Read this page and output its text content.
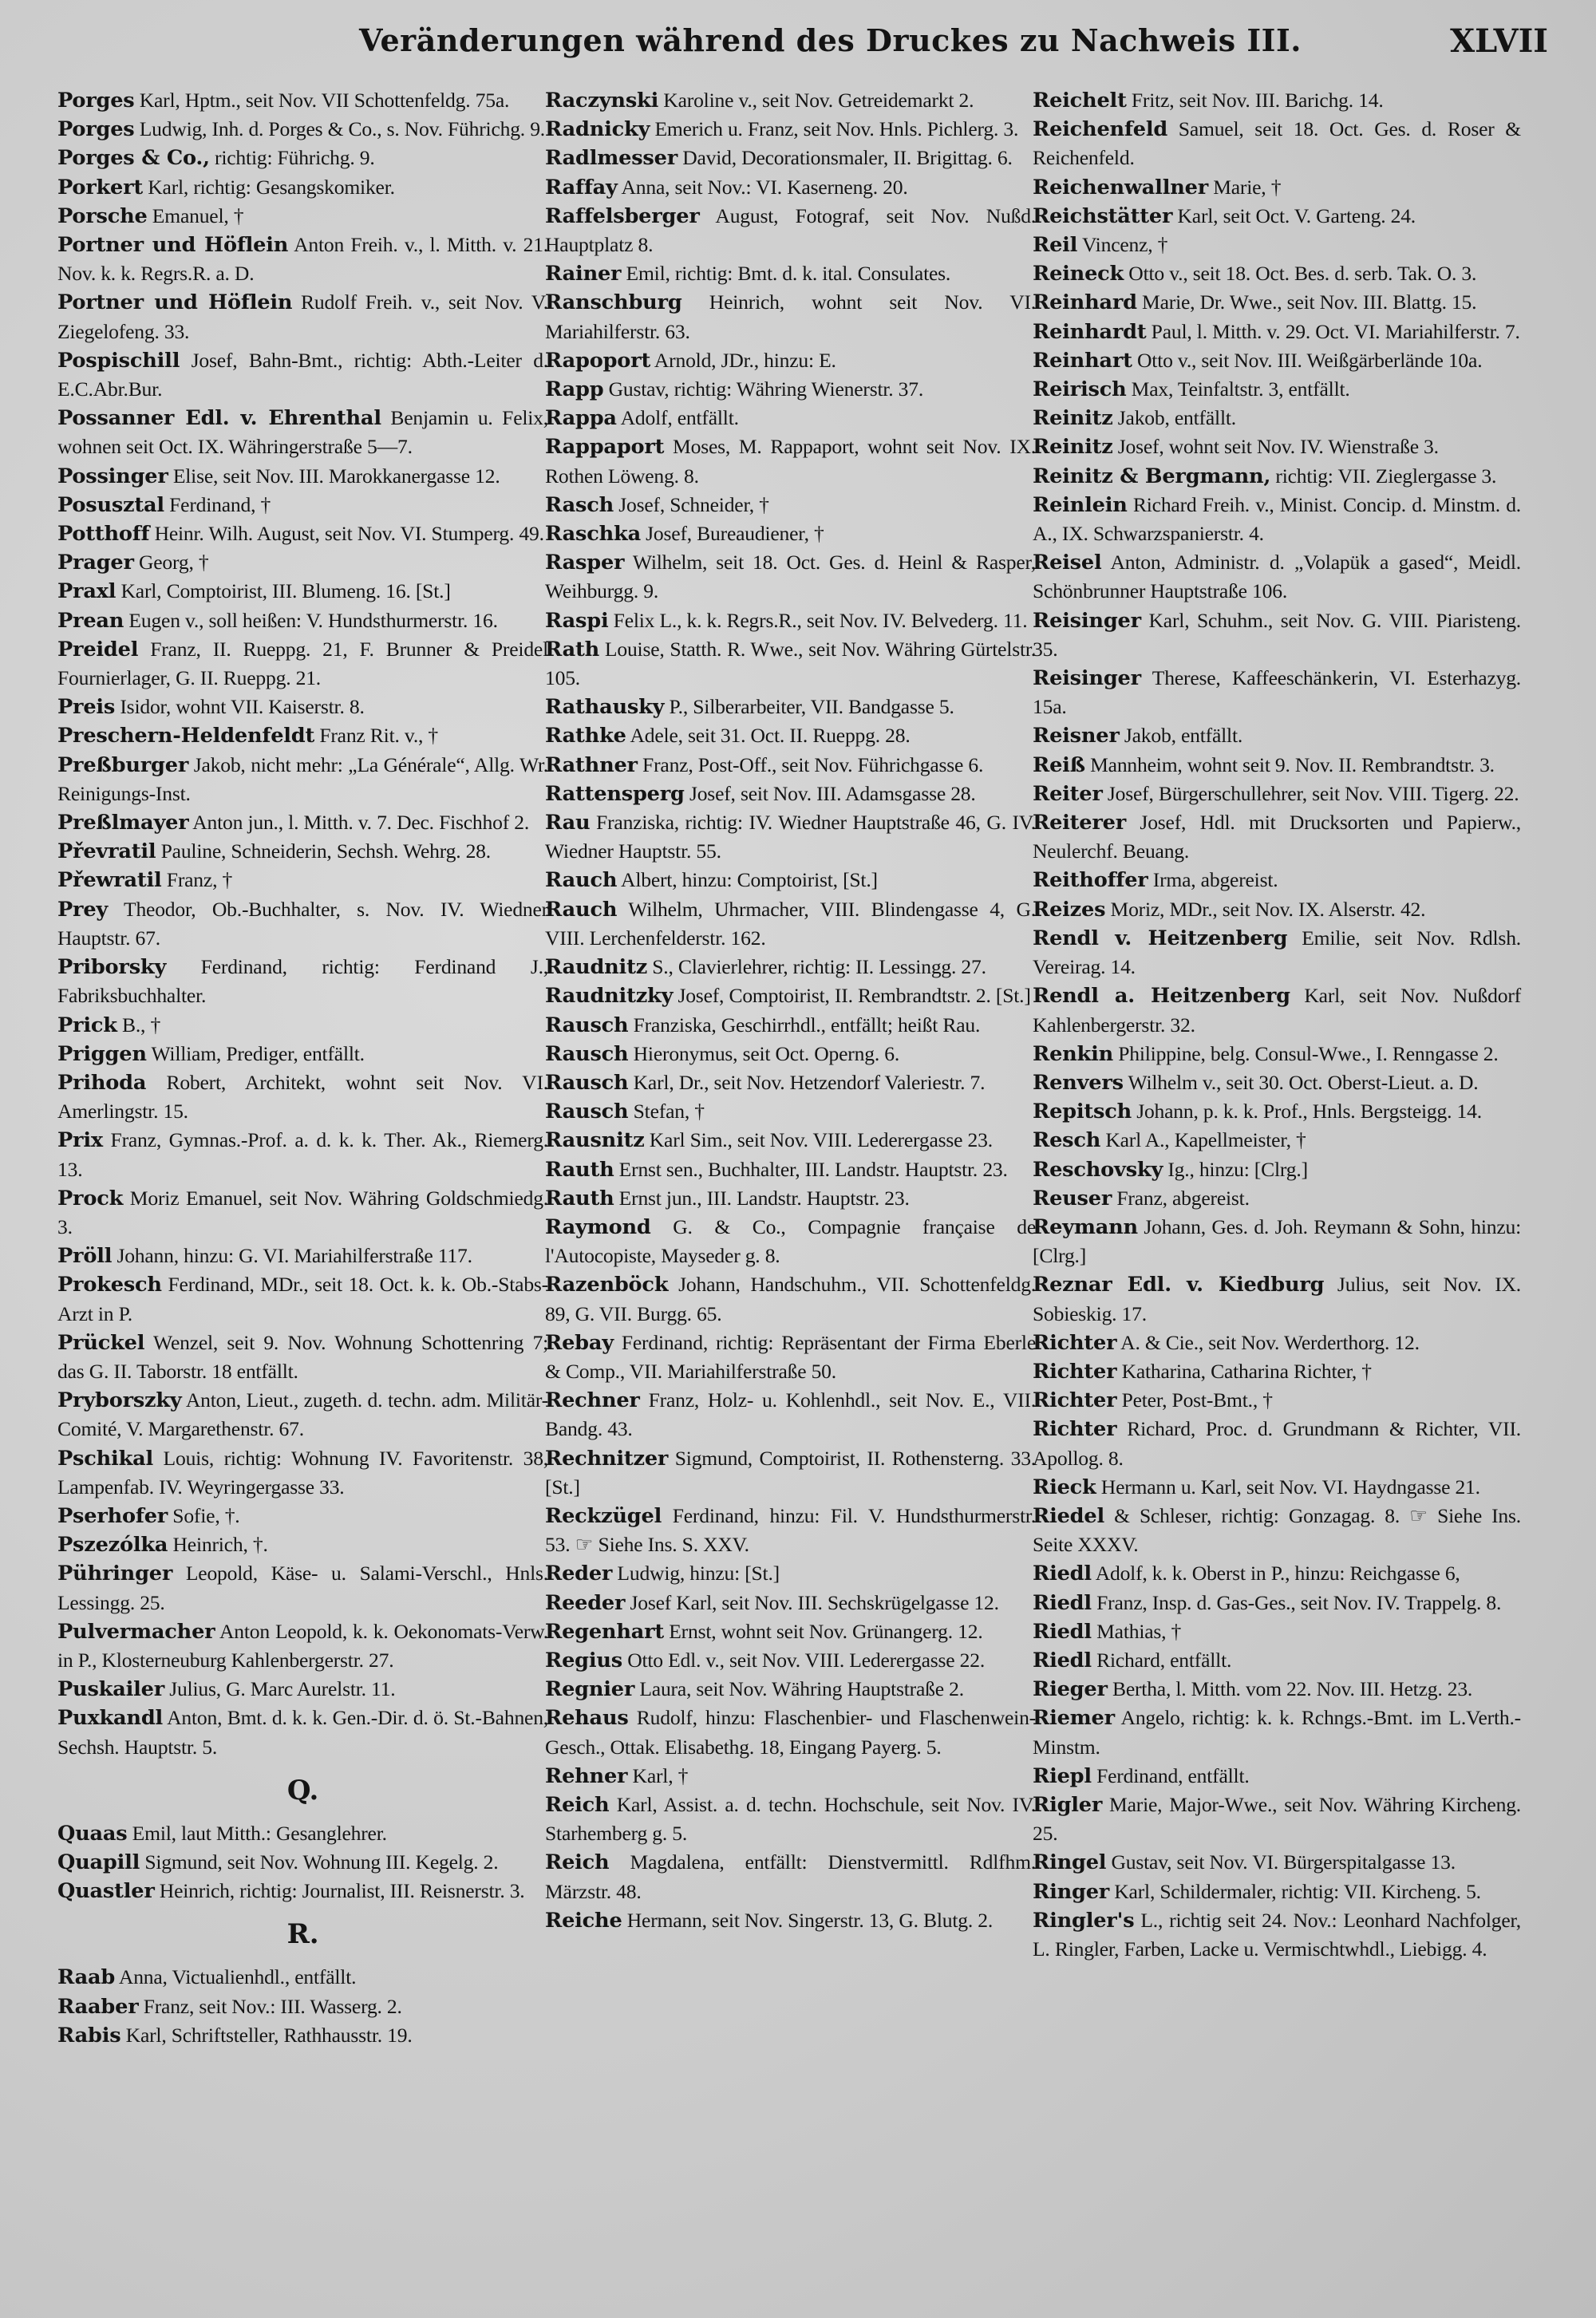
Veränderungen während des Druckes zu Nachweis III.	XLVII

Porges Karl, Hptm., seit Nov. VII Schottenfeldg. 75a.

Porges Ludwig, Inh. d. Porges & Co., s. Nov. Führichg. 9.

Porges & Co., richtig: Führichg. 9.

Porkert Karl, richtig: Gesangskomiker.

Porsche Emanuel, †

Portner und Höflein Anton Freih. v., l. Mitth. v. 21. Nov. k. k. Regrs.R. a. D.

Portner und Höflein Rudolf Freih. v., seit Nov. V. Ziegelofeng. 33.

Pospischill Josef, Bahn-Bmt., richtig: Abth.-Leiter d. E.C.Abr.Bur.

Possanner Edl. v. Ehrenthal Benjamin u. Felix, wohnen seit Oct. IX. Währingerstraße 5—7.

Possinger Elise, seit Nov. III. Marokkanergasse 12.

Posusztal Ferdinand, †

Potthoff Heinr. Wilh. August, seit Nov. VI. Stumperg. 49.

Prager Georg, †

Praxl Karl, Comptoirist, III. Blumeng. 16. [St.]

Prean Eugen v., soll heißen: V. Hundsthurmerstr. 16.

Preidel Franz, II. Rueppg. 21, F. Brunner & Preidel Fournierlager, G. II. Rueppg. 21.

Preis Isidor, wohnt VII. Kaiserstr. 8.

Preschern-Heldenfeldt Franz Rit. v., †

Preßburger Jakob, nicht mehr: „La Générale“, Allg. Wr. Reinigungs-Inst.

Preßlmayer Anton jun., l. Mitth. v. 7. Dec. Fischhof 2.

Převratil Pauline, Schneiderin, Sechsh. Wehrg. 28.

Přewratil Franz, †

Prey Theodor, Ob.-Buchhalter, s. Nov. IV. Wiedner Hauptstr. 67.

Priborsky Ferdinand, richtig: Ferdinand J., Fabriksbuchhalter.

Prick B., †

Priggen William, Prediger, entfällt.

Prihoda Robert, Architekt, wohnt seit Nov. VI. Amerlingstr. 15.

Prix Franz, Gymnas.-Prof. a. d. k. k. Ther. Ak., Riemerg. 13.

Prock Moriz Emanuel, seit Nov. Währing Goldschmiedg. 3.

Pröll Johann, hinzu: G. VI. Mariahilferstraße 117.

Prokesch Ferdinand, MDr., seit 18. Oct. k. k. Ob.-Stabs-Arzt in P.

Prückel Wenzel, seit 9. Nov. Wohnung Schottenring 7; das G. II. Taborstr. 18 entfällt.

Pryborszky Anton, Lieut., zugeth. d. techn. adm. Militär-Comité, V. Margarethenstr. 67.

Pschikal Louis, richtig: Wohnung IV. Favoritenstr. 38, Lampenfab. IV. Weyringergasse 33.

Pserhofer Sofie, †.

Pszezólka Heinrich, †.

Pühringer Leopold, Käse- u. Salami-Verschl., Hnls. Lessingg. 25.

Pulvermacher Anton Leopold, k. k. Oekonomats-Verw. in P., Klosterneuburg Kahlenbergerstr. 27.

Puskailer Julius, G. Marc Aurelstr. 11.

Puxkandl Anton, Bmt. d. k. k. Gen.-Dir. d. ö. St.-Bahnen, Sechsh. Hauptstr. 5.

Q.

Quaas Emil, laut Mitth.: Gesanglehrer.

Quapill Sigmund, seit Nov. Wohnung III. Kegelg. 2.

Quastler Heinrich, richtig: Journalist, III. Reisnerstr. 3.

R.

Raab Anna, Victualienhdl., entfällt.

Raaber Franz, seit Nov.: III. Wasserg. 2.

Rabis Karl, Schriftsteller, Rathhausstr. 19.

Raczynski Karoline v., seit Nov. Getreidemarkt 2.

Radnicky Emerich u. Franz, seit Nov. Hnls. Pichlerg. 3.

Radlmesser David, Decorationsmaler, II. Brigittag. 6.

Raffay Anna, seit Nov.: VI. Kaserneng. 20.

Raffelsberger August, Fotograf, seit Nov. Nußd. Hauptplatz 8.

Rainer Emil, richtig: Bmt. d. k. ital. Consulates.

Ranschburg Heinrich, wohnt seit Nov. VI. Mariahilferstr. 63.

Rapoport Arnold, JDr., hinzu: E.

Rapp Gustav, richtig: Währing Wienerstr. 37.

Rappa Adolf, entfällt.

Rappaport Moses, M. Rappaport, wohnt seit Nov. IX. Rothen Löweng. 8.

Rasch Josef, Schneider, †

Raschka Josef, Bureaudiener, †

Rasper Wilhelm, seit 18. Oct. Ges. d. Heinl & Rasper, Weihburgg. 9.

Raspi Felix L., k. k. Regrs.R., seit Nov. IV. Belvederg. 11.

Rath Louise, Statth. R. Wwe., seit Nov. Währing Gürtelstr. 105.

Rathausky P., Silberarbeiter, VII. Bandgasse 5.

Rathke Adele, seit 31. Oct. II. Rueppg. 28.

Rathner Franz, Post-Off., seit Nov. Führichgasse 6.

Rattensperg Josef, seit Nov. III. Adamsgasse 28.

Rau Franziska, richtig: IV. Wiedner Hauptstraße 46, G. IV. Wiedner Hauptstr. 55.

Rauch Albert, hinzu: Comptoirist, [St.]

Rauch Wilhelm, Uhrmacher, VIII. Blindengasse 4, G. VIII. Lerchenfelderstr. 162.

Raudnitz S., Clavierlehrer, richtig: II. Lessingg. 27.

Raudnitzky Josef, Comptoirist, II. Rembrandtstr. 2. [St.]

Rausch Franziska, Geschirrhdl., entfällt; heißt Rau.

Rausch Hieronymus, seit Oct. Operng. 6.

Rausch Karl, Dr., seit Nov. Hetzendorf Valeriestr. 7.

Rausch Stefan, †

Rausnitz Karl Sim., seit Nov. VIII. Lederergasse 23.

Rauth Ernst sen., Buchhalter, III. Landstr. Hauptstr. 23.

Rauth Ernst jun., III. Landstr. Hauptstr. 23.

Raymond G. & Co., Compagnie française de l'Autocopiste, Mayseder g. 8.

Razenböck Johann, Handschuhm., VII. Schottenfeldg. 89, G. VII. Burgg. 65.

Rebay Ferdinand, richtig: Repräsentant der Firma Eberle & Comp., VII. Mariahilferstraße 50.

Rechner Franz, Holz- u. Kohlenhdl., seit Nov. E., VII. Bandg. 43.

Rechnitzer Sigmund, Comptoirist, II. Rothensterng. 33. [St.]

Reckzügel Ferdinand, hinzu: Fil. V. Hundsthurmerstr. 53. ☞ Siehe Ins. S. XXV.

Reder Ludwig, hinzu: [St.]

Reeder Josef Karl, seit Nov. III. Sechskrügelgasse 12.

Regenhart Ernst, wohnt seit Nov. Grünangerg. 12.

Regius Otto Edl. v., seit Nov. VIII. Lederergasse 22.

Regnier Laura, seit Nov. Währing Hauptstraße 2.

Rehaus Rudolf, hinzu: Flaschenbier- und Flaschenwein-Gesch., Ottak. Elisabethg. 18, Eingang Payerg. 5.

Rehner Karl, †

Reich Karl, Assist. a. d. techn. Hochschule, seit Nov. IV. Starhemberg g. 5.

Reich Magdalena, entfällt: Dienstvermittl. Rdlfhm. Märzstr. 48.

Reiche Hermann, seit Nov. Singerstr. 13, G. Blutg. 2.

Reichelt Fritz, seit Nov. III. Barichg. 14.

Reichenfeld Samuel, seit 18. Oct. Ges. d. Roser & Reichenfeld.

Reichenwallner Marie, †

Reichstätter Karl, seit Oct. V. Garteng. 24.

Reil Vincenz, †

Reineck Otto v., seit 18. Oct. Bes. d. serb. Tak. O. 3.

Reinhard Marie, Dr. Wwe., seit Nov. III. Blattg. 15.

Reinhardt Paul, l. Mitth. v. 29. Oct. VI. Mariahilferstr. 7.

Reinhart Otto v., seit Nov. III. Weißgärberlände 10a.

Reirisch Max, Teinfaltstr. 3, entfällt.

Reinitz Jakob, entfällt.

Reinitz Josef, wohnt seit Nov. IV. Wienstraße 3.

Reinitz & Bergmann, richtig: VII. Zieglergasse 3.

Reinlein Richard Freih. v., Minist. Concip. d. Minstm. d. A., IX. Schwarzspanierstr. 4.

Reisel Anton, Administr. d. „Volapük a gased“, Meidl. Schönbrunner Hauptstraße 106.

Reisinger Karl, Schuhm., seit Nov. G. VIII. Piaristeng. 35.

Reisinger Therese, Kaffeeschänkerin, VI. Esterhazyg. 15a.

Reisner Jakob, entfällt.

Reiß Mannheim, wohnt seit 9. Nov. II. Rembrandtstr. 3.

Reiter Josef, Bürgerschullehrer, seit Nov. VIII. Tigerg. 22.

Reiterer Josef, Hdl. mit Drucksorten und Papierw., Neulerchf. Beuang.

Reithoffer Irma, abgereist.

Reizes Moriz, MDr., seit Nov. IX. Alserstr. 42.

Rendl v. Heitzenberg Emilie, seit Nov. Rdlsh. Vereirag. 14.

Rendl a. Heitzenberg Karl, seit Nov. Nußdorf Kahlenbergerstr. 32.

Renkin Philippine, belg. Consul-Wwe., I. Renngasse 2.

Renvers Wilhelm v., seit 30. Oct. Oberst-Lieut. a. D.

Repitsch Johann, p. k. k. Prof., Hnls. Bergsteigg. 14.

Resch Karl A., Kapellmeister, †

Reschovsky Ig., hinzu: [Clrg.]

Reuser Franz, abgereist.

Reymann Johann, Ges. d. Joh. Reymann & Sohn, hinzu: [Clrg.]

Reznar Edl. v. Kiedburg Julius, seit Nov. IX. Sobieskig. 17.

Richter A. & Cie., seit Nov. Werderthorg. 12.

Richter Katharina, Catharina Richter, †

Richter Peter, Post-Bmt., †

Richter Richard, Proc. d. Grundmann & Richter, VII. Apollog. 8.

Rieck Hermann u. Karl, seit Nov. VI. Haydngasse 21.

Riedel & Schleser, richtig: Gonzagag. 8. ☞ Siehe Ins. Seite XXXV.

Riedl Adolf, k. k. Oberst in P., hinzu: Reichgasse 6,

Riedl Franz, Insp. d. Gas-Ges., seit Nov. IV. Trappelg. 8.

Riedl Mathias, †

Riedl Richard, entfällt.

Rieger Bertha, l. Mitth. vom 22. Nov. III. Hetzg. 23.

Riemer Angelo, richtig: k. k. Rchngs.-Bmt. im L.Verth.-Minstm.

Riepl Ferdinand, entfällt.

Rigler Marie, Major-Wwe., seit Nov. Währing Kircheng. 25.

Ringel Gustav, seit Nov. VI. Bürgerspitalgasse 13.

Ringer Karl, Schildermaler, richtig: VII. Kircheng. 5.

Ringler's L., richtig seit 24. Nov.: Leonhard Nachfolger, L. Ringler, Farben, Lacke u. Vermischtwhdl., Liebigg. 4.
